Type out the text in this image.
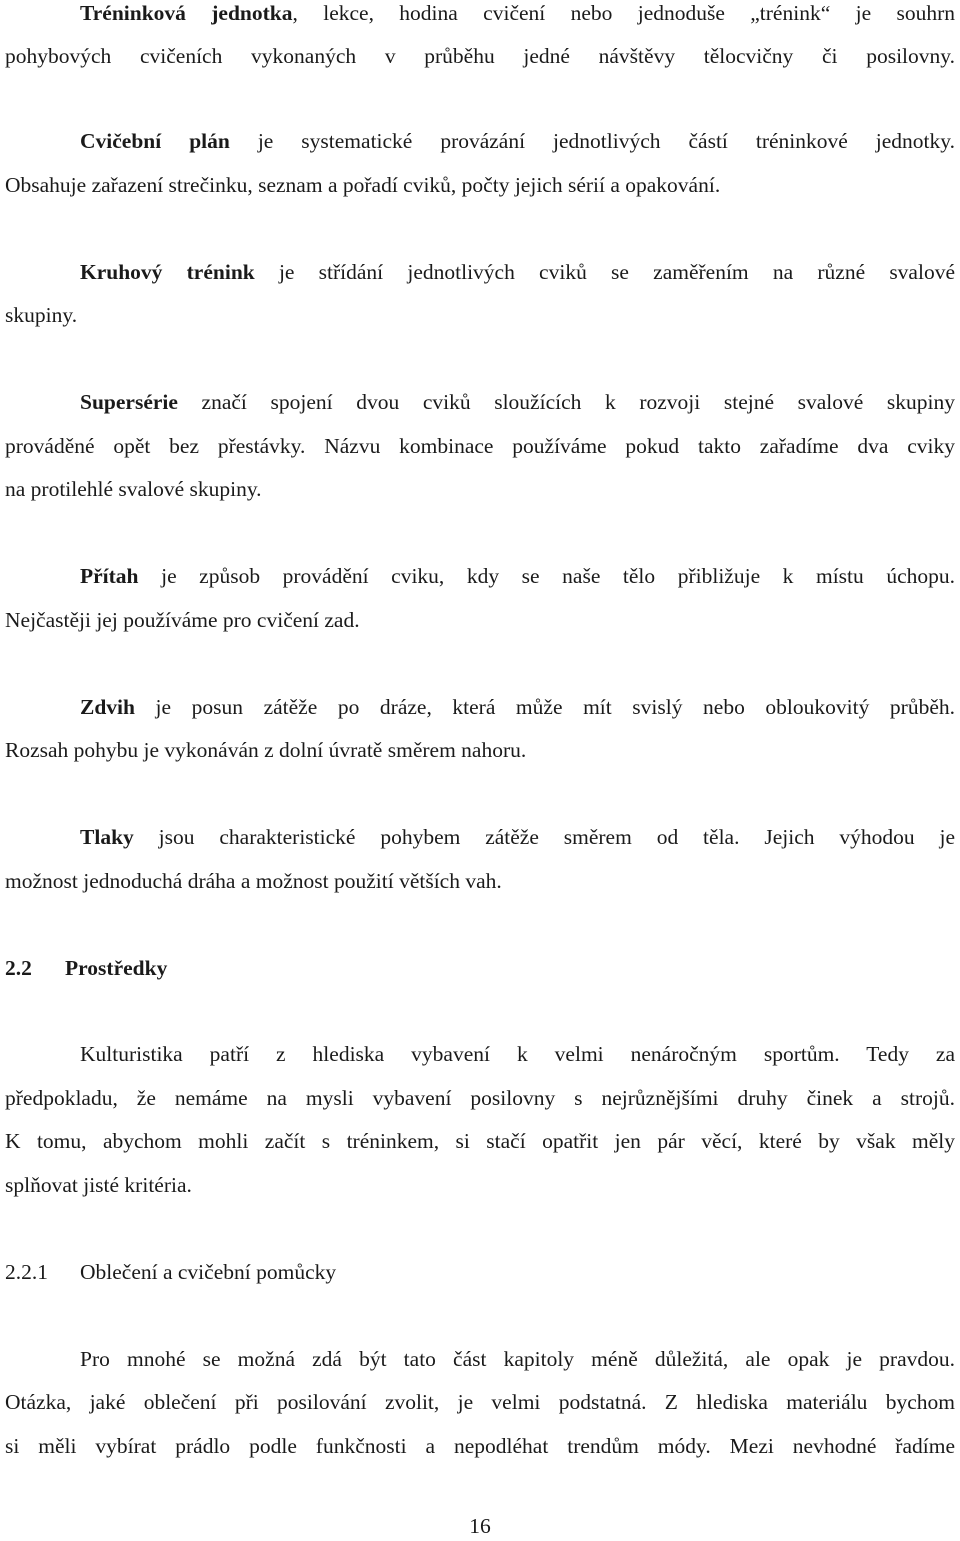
Tréninková jednotka, lekce, hodina cvičení nebo jednoduše „trénink“ je souhrn
pohybových cvičeních vykonaných v průběhu jedné návštěvy tělocvičny či posilovny.
Cvičební plán je systematické provázání jednotlivých částí tréninkové jednotky.
Obsahuje zařazení strečinku, seznam a pořadí cviků, počty jejich sérií a opakování.
Kruhový trénink je střídání jednotlivých cviků se zaměřením na různé svalové
skupiny.
Supersérie značí spojení dvou cviků sloužících k rozvoji stejné svalové skupiny
prováděné opět bez přestávky. Názvu kombinace používáme pokud takto zařadíme dva cviky
na protilehlé svalové skupiny.
Přítah je způsob provádění cviku, kdy se naše tělo přibližuje k místu úchopu.
Nejčastěji jej používáme pro cvičení zad.
Zdvih je posun zátěže po dráze, která může mít svislý nebo obloukovitý průběh.
Rozsah pohybu je vykonáván z dolní úvratě směrem nahoru.
Tlaky jsou charakteristické pohybem zátěže směrem od těla. Jejich výhodou je
možnost jednoduchá dráha a možnost použití větších vah.
2.2 Prostředky
Kulturistika patří z hlediska vybavení k velmi nenáročným sportům. Tedy za
předpokladu, že nemáme na mysli vybavení posilovny s nejrůznějšími druhy činek a strojů.
K tomu, abychom mohli začít s tréninkem, si stačí opatřit jen pár věcí, které by však měly
splňovat jisté kritéria.
2.2.1 Oblečení a cvičební pomůcky
Pro mnohé se možná zdá být tato část kapitoly méně důležitá, ale opak je pravdou.
Otázka, jaké oblečení při posilování zvolit, je velmi podstatná. Z hlediska materiálu bychom
si měli vybírat prádlo podle funkčnosti a nepodléhat trendům módy. Mezi nevhodné řadíme
16
